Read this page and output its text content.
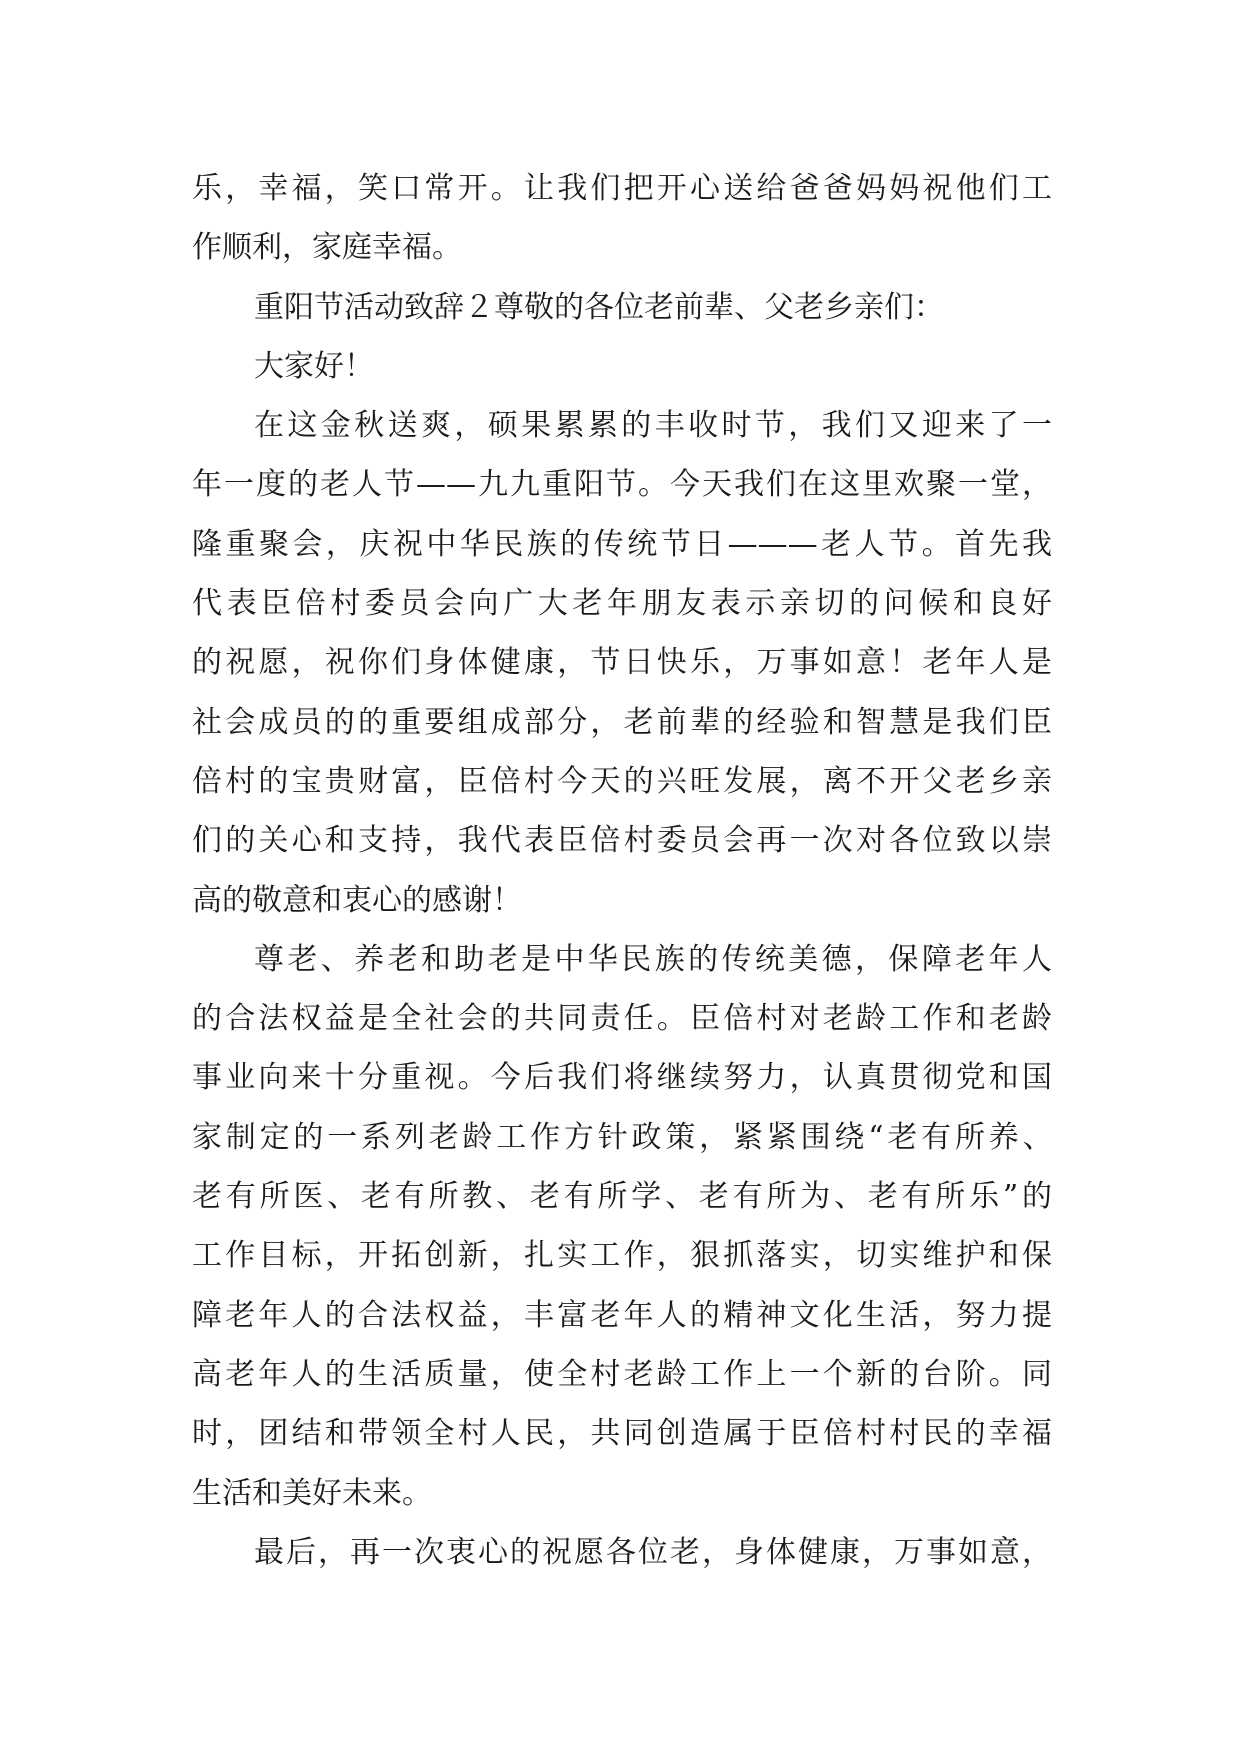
乐，幸福，笑口常开。让我们把开心送给爸爸妈妈祝他们工
作顺利，家庭幸福。
重阳节活动致辞２尊敬的各位老前辈、父老乡亲们：
大家好！
在这金秋送爽，硕果累累的丰收时节，我们又迎来了一
年一度的老人节——九九重阳节。今天我们在这里欢聚一堂，
隆重聚会，庆祝中华民族的传统节日———老人节。首先我
代表臣倍村委员会向广大老年朋友表示亲切的问候和良好
的祝愿，祝你们身体健康，节日快乐，万事如意！老年人是
社会成员的的重要组成部分，老前辈的经验和智慧是我们臣
倍村的宝贵财富，臣倍村今天的兴旺发展，离不开父老乡亲
们的关心和支持，我代表臣倍村委员会再一次对各位致以崇
高的敬意和衷心的感谢！
尊老、养老和助老是中华民族的传统美德，保障老年人
的合法权益是全社会的共同责任。臣倍村对老龄工作和老龄
事业向来十分重视。今后我们将继续努力，认真贯彻党和国
家制定的一系列老龄工作方针政策，紧紧围绕“老有所养、
老有所医、老有所教、老有所学、老有所为、老有所乐”的
工作目标，开拓创新，扎实工作，狠抓落实，切实维护和保
障老年人的合法权益，丰富老年人的精神文化生活，努力提
高老年人的生活质量，使全村老龄工作上一个新的台阶。同
时，团结和带领全村人民，共同创造属于臣倍村村民的幸福
生活和美好未来。
最后，再一次衷心的祝愿各位老，身体健康，万事如意，
